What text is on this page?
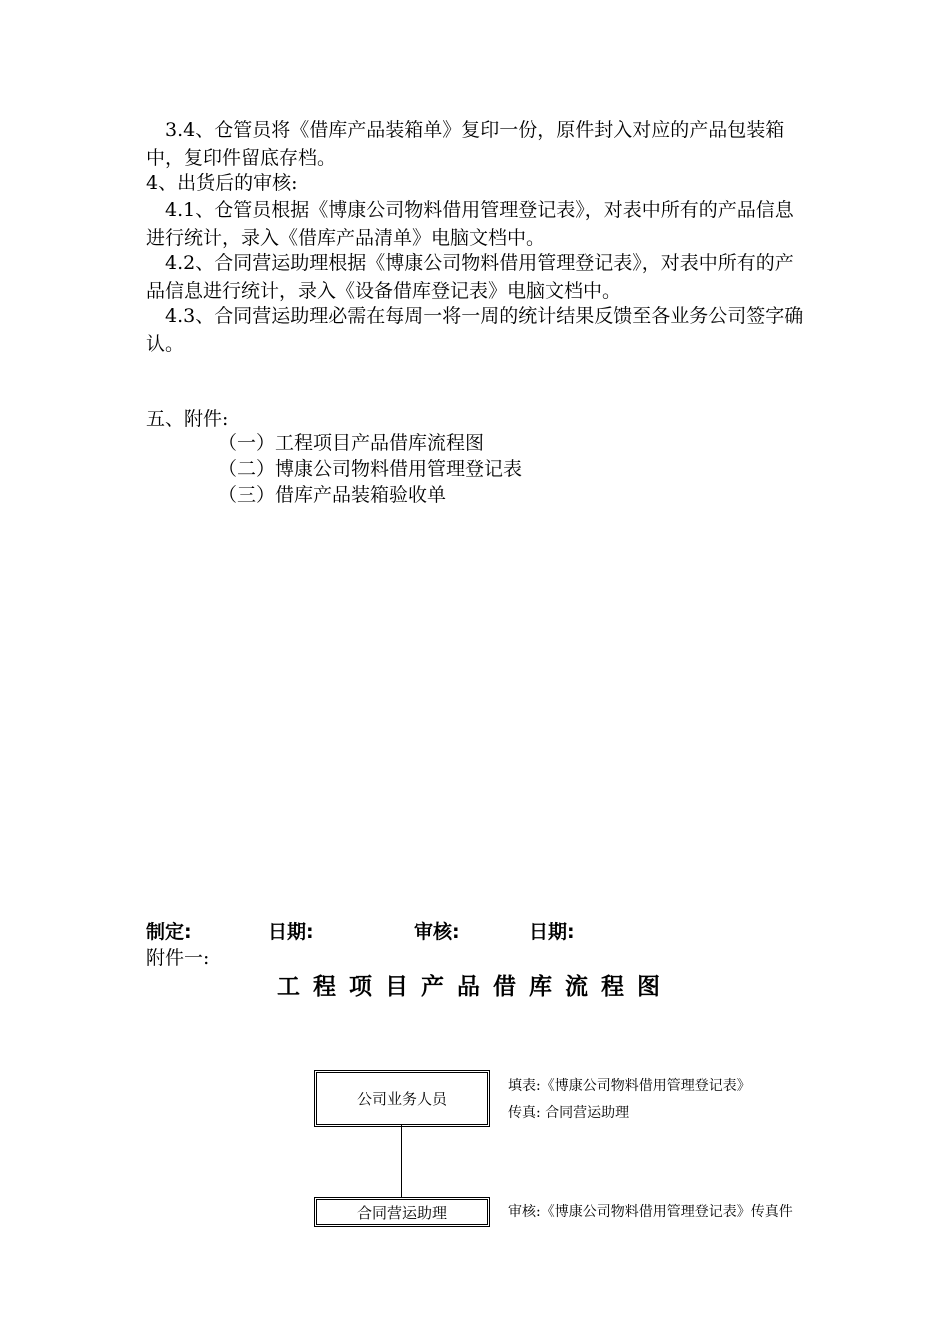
3.4、仓管员将《借库产品装箱单》复印一份，原件封入对应的产品包装箱中，复印件留底存档。

4、出货后的审核:

4.1、仓管员根据《博康公司物料借用管理登记表》，对表中所有的产品信息进行统计，录入《借库产品清单》电脑文档中。

4.2、合同营运助理根据《博康公司物料借用管理登记表》，对表中所有的产品信息进行统计，录入《设备借库登记表》电脑文档中。

4.3、合同营运助理必需在每周一将一周的统计结果反馈至各业务公司签字确认。

五、附件:

（一）工程项目产品借库流程图

（二）博康公司物料借用管理登记表

（三）借库产品装箱验收单

制定:	日期:	审核:	日期:

附件一:

工程项目产品借库流程图
公司业务人员
填表:《博康公司物料借用管理登记表》
传真: 合同营运助理
合同营运助理	审核:《博康公司物料借用管理登记表》传真件
